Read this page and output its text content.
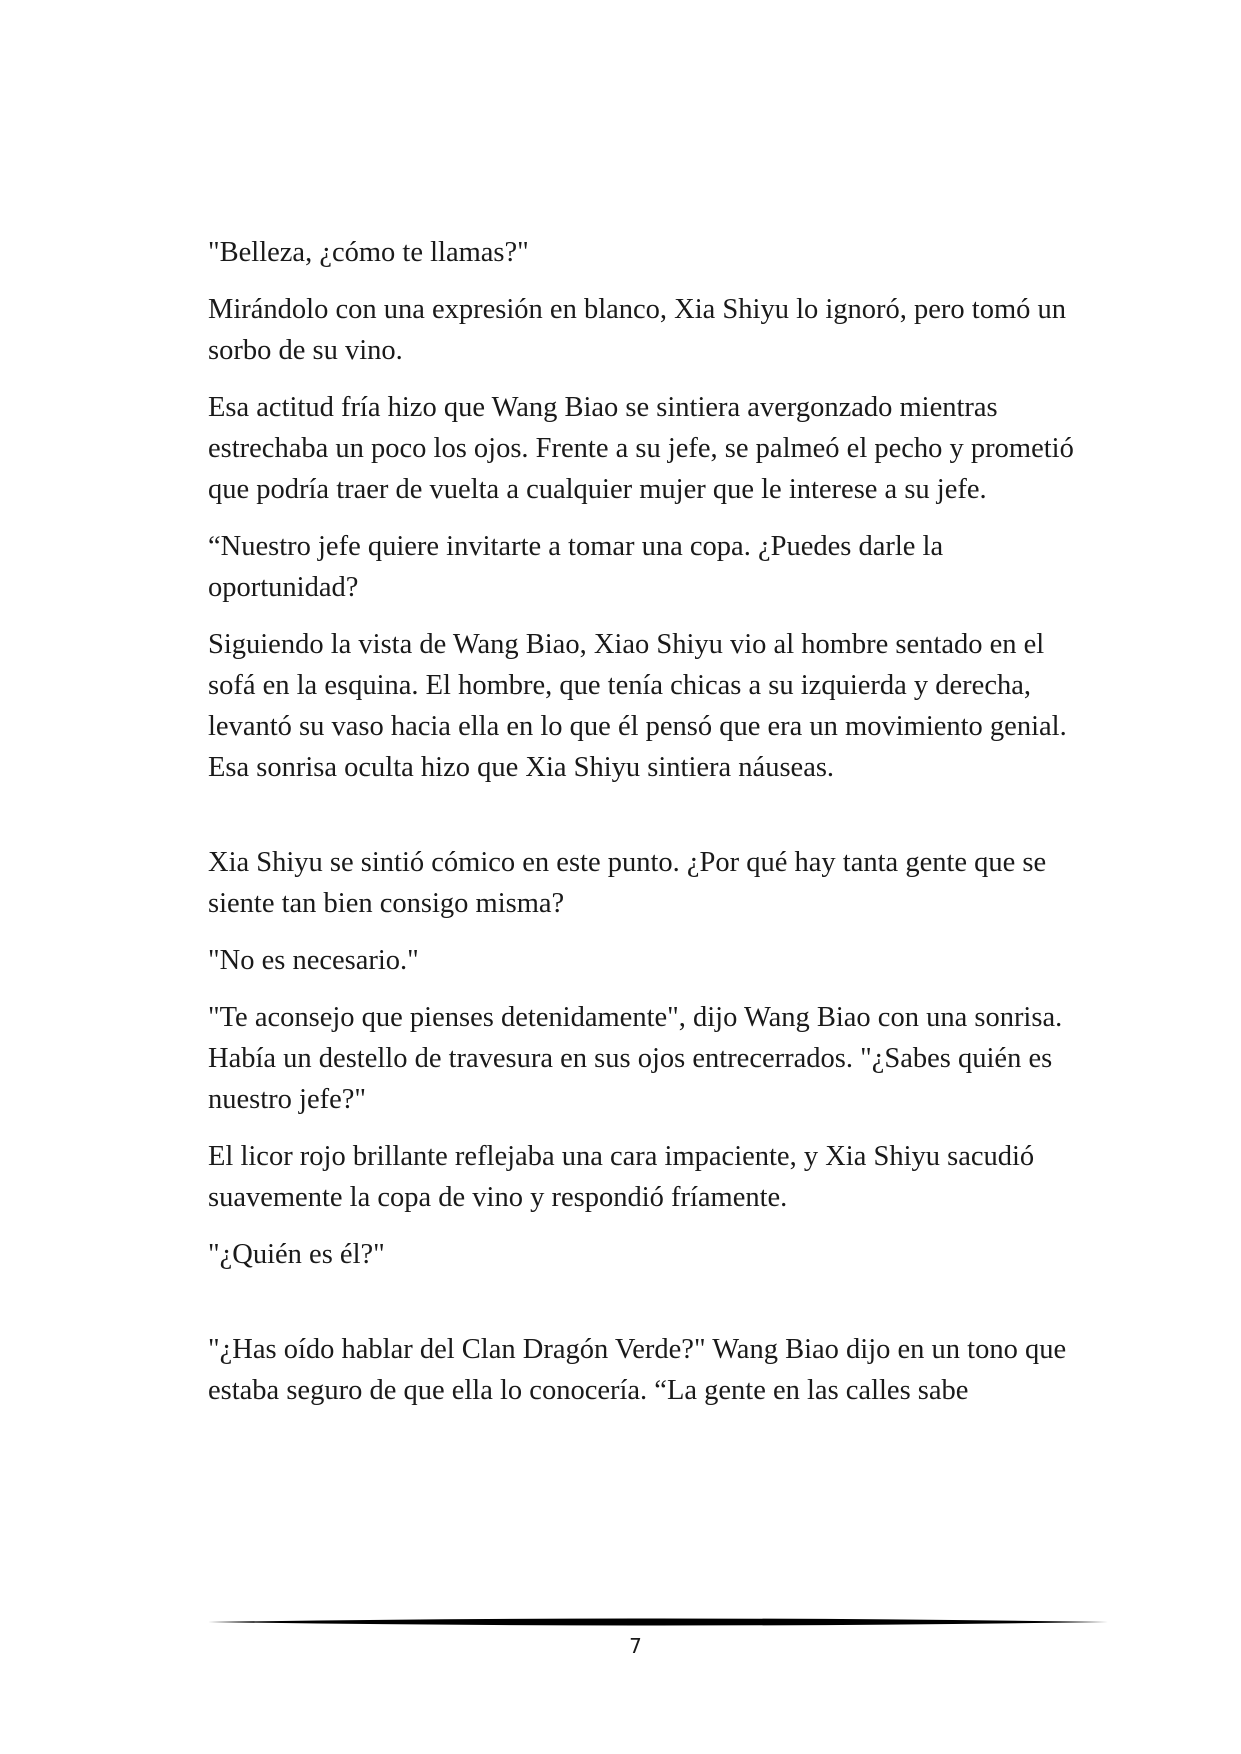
"Belleza, ¿cómo te llamas?"

Mirándolo con una expresión en blanco, Xia Shiyu lo ignoró, pero tomó un sorbo de su vino.

Esa actitud fría hizo que Wang Biao se sintiera avergonzado mientras estrechaba un poco los ojos. Frente a su jefe, se palmeó el pecho y prometió que podría traer de vuelta a cualquier mujer que le interese a su jefe.

“Nuestro jefe quiere invitarte a tomar una copa. ¿Puedes darle la oportunidad?

Siguiendo la vista de Wang Biao, Xiao Shiyu vio al hombre sentado en el sofá en la esquina. El hombre, que tenía chicas a su izquierda y derecha, levantó su vaso hacia ella en lo que él pensó que era un movimiento genial. Esa sonrisa oculta hizo que Xia Shiyu sintiera náuseas.

Xia Shiyu se sintió cómico en este punto. ¿Por qué hay tanta gente que se siente tan bien consigo misma?

"No es necesario."

"Te aconsejo que pienses detenidamente", dijo Wang Biao con una sonrisa. Había un destello de travesura en sus ojos entrecerrados. "¿Sabes quién es nuestro jefe?"

El licor rojo brillante reflejaba una cara impaciente, y Xia Shiyu sacudió suavemente la copa de vino y respondió fríamente.

"¿Quién es él?"

"¿Has oído hablar del Clan Dragón Verde?" Wang Biao dijo en un tono que estaba seguro de que ella lo conocería. “La gente en las calles sabe

7
